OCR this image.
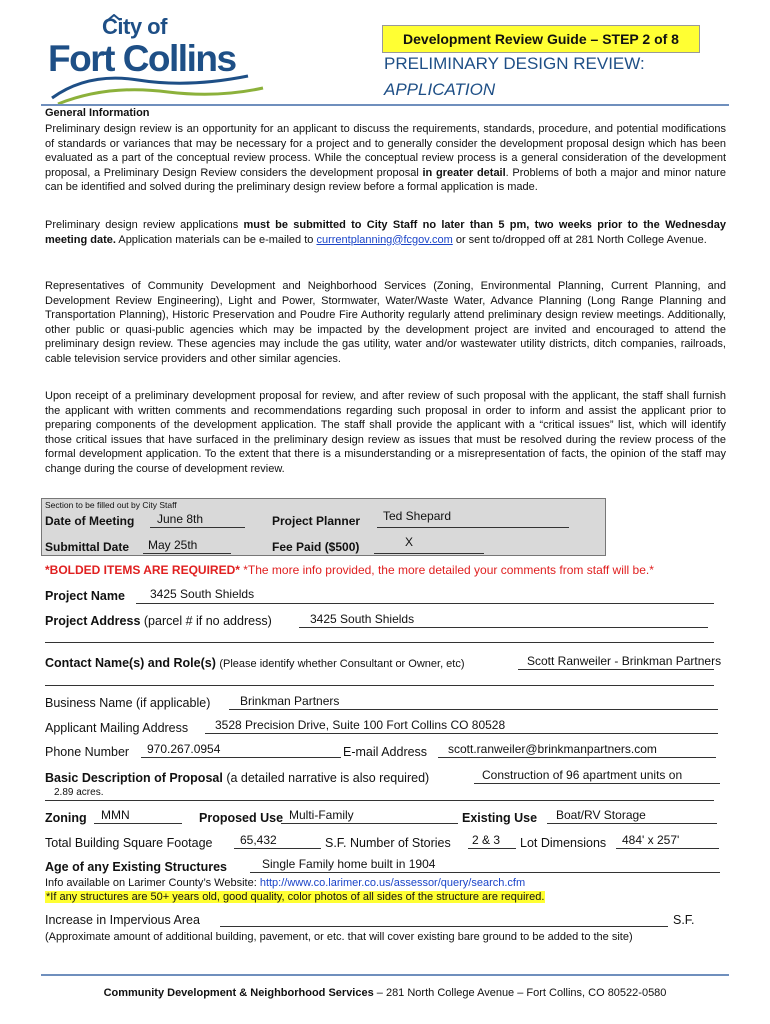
City of
Fort Collins	Development Review Guide – STEP 2 of 8
PRELIMINARY DESIGN REVIEW:
APPLICATION
General Information
Preliminary design review is an opportunity for an applicant to discuss the requirements, standards, procedure, and potential modifications of standards or variances that may be necessary for a project and to generally consider the development proposal design which has been evaluated as a part of the conceptual review process. While the conceptual review process is a general consideration of the development proposal, a Preliminary Design Review considers the development proposal in greater detail. Problems of both a major and minor nature can be identified and solved during the preliminary design review before a formal application is made.
Preliminary design review applications must be submitted to City Staff no later than 5 pm, two weeks prior to the Wednesday meeting date. Application materials can be e-mailed to currentplanning@fcgov.com or sent to/dropped off at 281 North College Avenue.
Representatives of Community Development and Neighborhood Services (Zoning, Environmental Planning, Current Planning, and Development Review Engineering), Light and Power, Stormwater, Water/Waste Water, Advance Planning (Long Range Planning and Transportation Planning), Historic Preservation and Poudre Fire Authority regularly attend preliminary design review meetings. Additionally, other public or quasi-public agencies which may be impacted by the development project are invited and encouraged to attend the preliminary design review. These agencies may include the gas utility, water and/or wastewater utility districts, ditch companies, railroads, cable television service providers and other similar agencies.
Upon receipt of a preliminary development proposal for review, and after review of such proposal with the applicant, the staff shall furnish the applicant with written comments and recommendations regarding such proposal in order to inform and assist the applicant prior to preparing components of the development application. The staff shall provide the applicant with a “critical issues” list, which will identify those critical issues that have surfaced in the preliminary design review as issues that must be resolved during the review process of the formal development application. To the extent that there is a misunderstanding or a misrepresentation of facts, the opinion of the staff may change during the course of development review.
Section to be filled out by City Staff
Date of Meeting June 8th	Project Planner Ted Shepard
Submittal Date May 25th	Fee Paid ($500)	X
*BOLDED ITEMS ARE REQUIRED* *The more info provided, the more detailed your comments from staff will be.*
Project Name 3425 South Shields
Project Address (parcel # if no address)	3425 South Shields
Contact Name(s) and Role(s) (Please identify whether Consultant or Owner, etc)	Scott Ranweiler - Brinkman Partners
Business Name (if applicable) Brinkman Partners
Applicant Mailing Address 3528 Precision Drive, Suite 100 Fort Collins CO 80528
Phone Number 970.267.0954	E-mail Address scott.ranweiler@brinkmanpartners.com
Basic Description of Proposal (a detailed narrative is also required)	Construction of 96 apartment units on
2.89 acres.
Zoning MMN	Proposed Use Multi-Family	Existing Use Boat/RV Storage
Total Building Square Footage 65,432	S.F. Number of Stories 2 & 3 Lot Dimensions 484' x 257'
Age of any Existing Structures	Single Family home built in 1904
Info available on Larimer County’s Website: http://www.co.larimer.co.us/assessor/query/search.cfm
*If any structures are 50+ years old, good quality, color photos of all sides of the structure are required.
Increase in Impervious Area	S.F.
(Approximate amount of additional building, pavement, or etc. that will cover existing bare ground to be added to the site)
Community Development & Neighborhood Services – 281 North College Avenue – Fort Collins, CO 80522-0580
